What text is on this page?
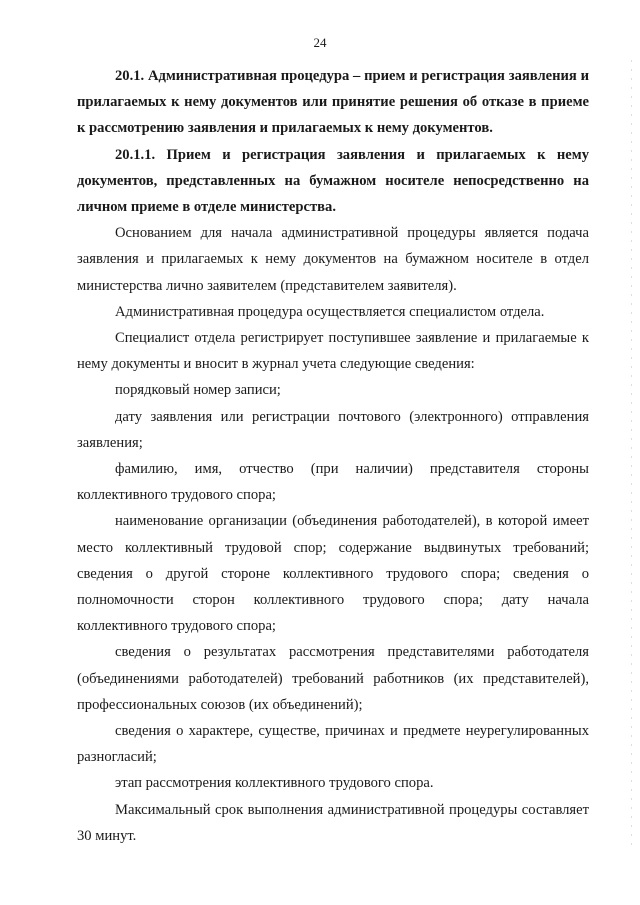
24

20.1. Административная процедура – прием и регистрация заявления и прилагаемых к нему документов или принятие решения об отказе в приеме к рассмотрению заявления и прилагаемых к нему документов.

20.1.1. Прием и регистрация заявления и прилагаемых к нему документов, представленных на бумажном носителе непосредственно на личном приеме в отделе министерства.

Основанием для начала административной процедуры является подача заявления и прилагаемых к нему документов на бумажном носителе в отдел министерства лично заявителем (представителем заявителя).

Административная процедура осуществляется специалистом отдела.

Специалист отдела регистрирует поступившее заявление и прилагаемые к нему документы и вносит в журнал учета следующие сведения:

порядковый номер записи;

дату заявления или регистрации почтового (электронного) отправления заявления;

фамилию, имя, отчество (при наличии) представителя стороны коллективного трудового спора;

наименование организации (объединения работодателей), в которой имеет место коллективный трудовой спор; содержание выдвинутых требований; сведения о другой стороне коллективного трудового спора; сведения о полномочности сторон коллективного трудового спора; дату начала коллективного трудового спора;

сведения о результатах рассмотрения представителями работодателя (объединениями работодателей) требований работников (их представителей), профессиональных союзов (их объединений);

сведения о характере, существе, причинах и предмете неурегулированных разногласий;

этап рассмотрения коллективного трудового спора.

Максимальный срок выполнения административной процедуры составляет 30 минут.
